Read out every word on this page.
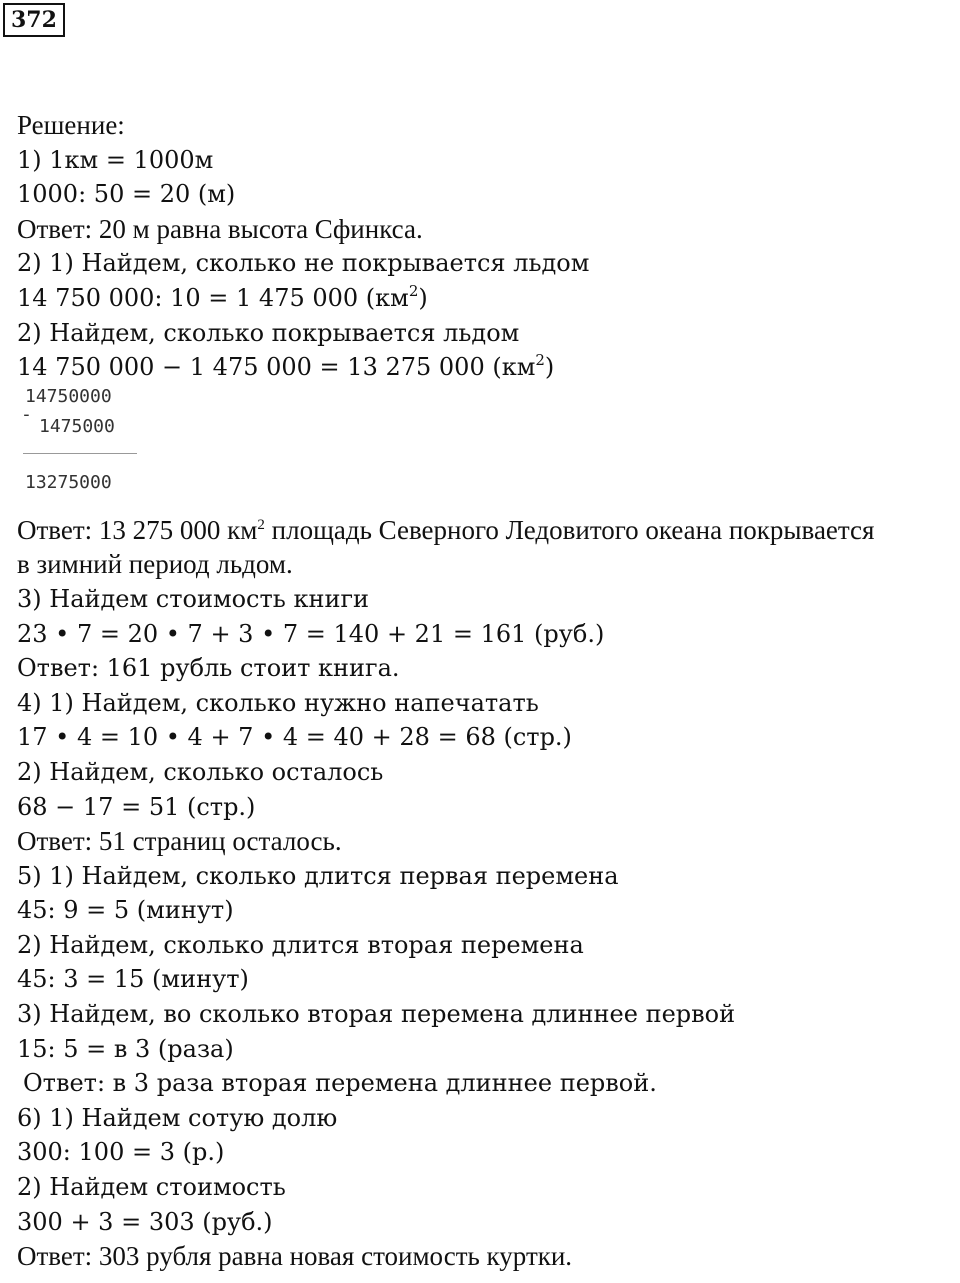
372
Решение:
1) 1км = 1000м
1000: 50 = 20 (м)
Ответ: 20 м равна высота Сфинкса.
2) 1) Найдем, сколько не покрывается льдом
14 750 000: 10 = 1 475 000 $(км^2)$
2) Найдем, сколько покрывается льдом
14 750 000 − 1 475 000 = 13 275 000 $(км^2)$
14750000
-
1475000
13275000
Ответ: 13 275 000 $км^2$ площадь Северного Ледовитого океана покрывается
в зимний период льдом.
3) Найдем стоимость книги
23 • 7 = 20 • 7 + 3 • 7 = 140 + 21 = 161 (руб.)
Ответ: 161 рубль стоит книга.
4) 1) Найдем, сколько нужно напечатать
17 • 4 = 10 • 4 + 7 • 4 = 40 + 28 = 68 (стр.)
2) Найдем, сколько осталось
68 − 17 = 51 (стр.)
Ответ: 51 страниц осталось.
5) 1) Найдем, сколько длится первая перемена
45: 9 = 5 (минут)
2) Найдем, сколько длится вторая перемена
45: 3 = 15 (минут)
3) Найдем, во сколько вторая перемена длиннее первой
15: 5 = в 3 (раза)
Ответ: в 3 раза вторая перемена длиннее первой.
6) 1) Найдем сотую долю
300: 100 = 3 (р.)
2) Найдем стоимость
300 + 3 = 303 (руб.)
Ответ: 303 рубля равна новая стоимость куртки.
